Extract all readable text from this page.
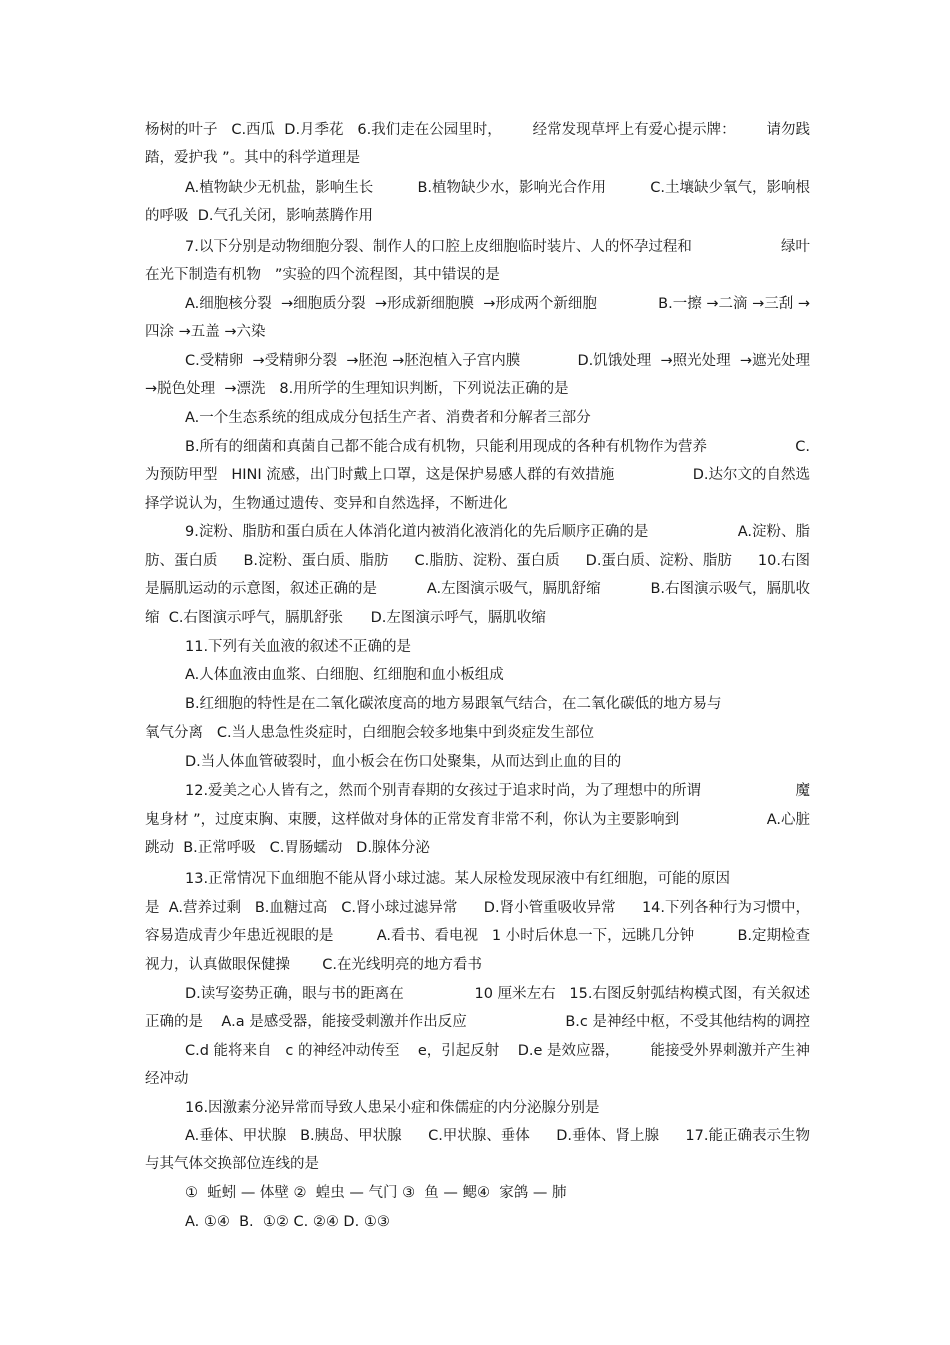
杨树的叶子   C.西瓜  D.月季花   6.我们走在公园里时， 经常发现草坪上有爱心提示牌： 请勿践
踏，爱护我 ”。其中的科学道理是
A.植物缺少无机盐，影响生长	B.植物缺少水，影响光合作用	C.土壤缺少氧气，影响根
的呼吸  D.气孔关闭，影响蒸腾作用
7.以下分别是动物细胞分裂、制作人的口腔上皮细胞临时装片、人的怀孕过程和	绿叶
在光下制造有机物   ”实验的四个流程图，其中错误的是
A.细胞核分裂  →细胞质分裂  →形成新细胞膜  →形成两个新细胞	B.一擦 →二滴 →三刮 →
四涂 →五盖 →六染
C.受精卵  →受精卵分裂  →胚泡 →胚泡植入子宫内膜	D.饥饿处理  →照光处理  →遮光处理
→脱色处理  →漂洗   8.用所学的生理知识判断，下列说法正确的是
A.一个生态系统的组成成分包括生产者、消费者和分解者三部分
B.所有的细菌和真菌自己都不能合成有机物，只能利用现成的各种有机物作为营养	C.
为预防甲型   HINI 流感，出门时戴上口罩，这是保护易感人群的有效措施	D.达尔文的自然选
择学说认为，生物通过遗传、变异和自然选择，不断进化
9.淀粉、脂肪和蛋白质在人体消化道内被消化液消化的先后顺序正确的是	A.淀粉、脂
肪、蛋白质 B.淀粉、蛋白质、脂肪 C.脂肪、淀粉、蛋白质 D.蛋白质、淀粉、脂肪 10.右图
是膈肌运动的示意图，叙述正确的是	A.左图演示吸气，膈肌舒缩	B.右图演示吸气，膈肌收
缩  C.右图演示呼气，膈肌舒张      D.左图演示呼气，膈肌收缩
11.下列有关血液的叙述不正确的是
A.人体血液由血浆、白细胞、红细胞和血小板组成
B.红细胞的特性是在二氧化碳浓度高的地方易跟氧气结合，在二氧化碳低的地方易与
氧气分离   C.当人患急性炎症时，白细胞会较多地集中到炎症发生部位
D.当人体血管破裂时，血小板会在伤口处聚集，从而达到止血的目的
12.爱美之心人皆有之，然而个别青春期的女孩过于追求时尚，为了理想中的所谓	魔
鬼身材 ”，过度束胸、束腰，这样做对身体的正常发育非常不利，你认为主要影响到	A.心脏
跳动  B.正常呼吸   C.胃肠蠕动   D.腺体分泌
13.正常情况下血细胞不能从肾小球过滤。某人尿检发现尿液中有红细胞，可能的原因
是  A.营养过剩   B.血糖过高   C.肾小球过滤异常 D.肾小管重吸收异常 14.下列各种行为习惯中，
容易造成青少年患近视眼的是	A.看书、看电视   1 小时后休息一下，远眺几分钟	B.定期检查
视力，认真做眼保健操       C.在光线明亮的地方看书
D.读写姿势正确，眼与书的距离在	10 厘米左右   15.右图反射弧结构模式图，有关叙述
正确的是    A.a 是感受器，能接受刺激并作出反应	B.c 是神经中枢，不受其他结构的调控
C.d 能将来自   c 的神经冲动传至    e，引起反射    D.e 是效应器， 能接受外界刺激并产生神
经冲动
16.因激素分泌异常而导致人患呆小症和侏儒症的内分泌腺分别是
A.垂体、甲状腺   B.胰岛、甲状腺 C.甲状腺、垂体 D.垂体、肾上腺 17.能正确表示生物
与其气体交换部位连线的是
①  蚯蚓 — 体壁 ②  蝗虫 — 气门 ③  鱼 — 鳃④  家鸽 — 肺
A. ①④  B.  ①② C. ②④ D. ①③
